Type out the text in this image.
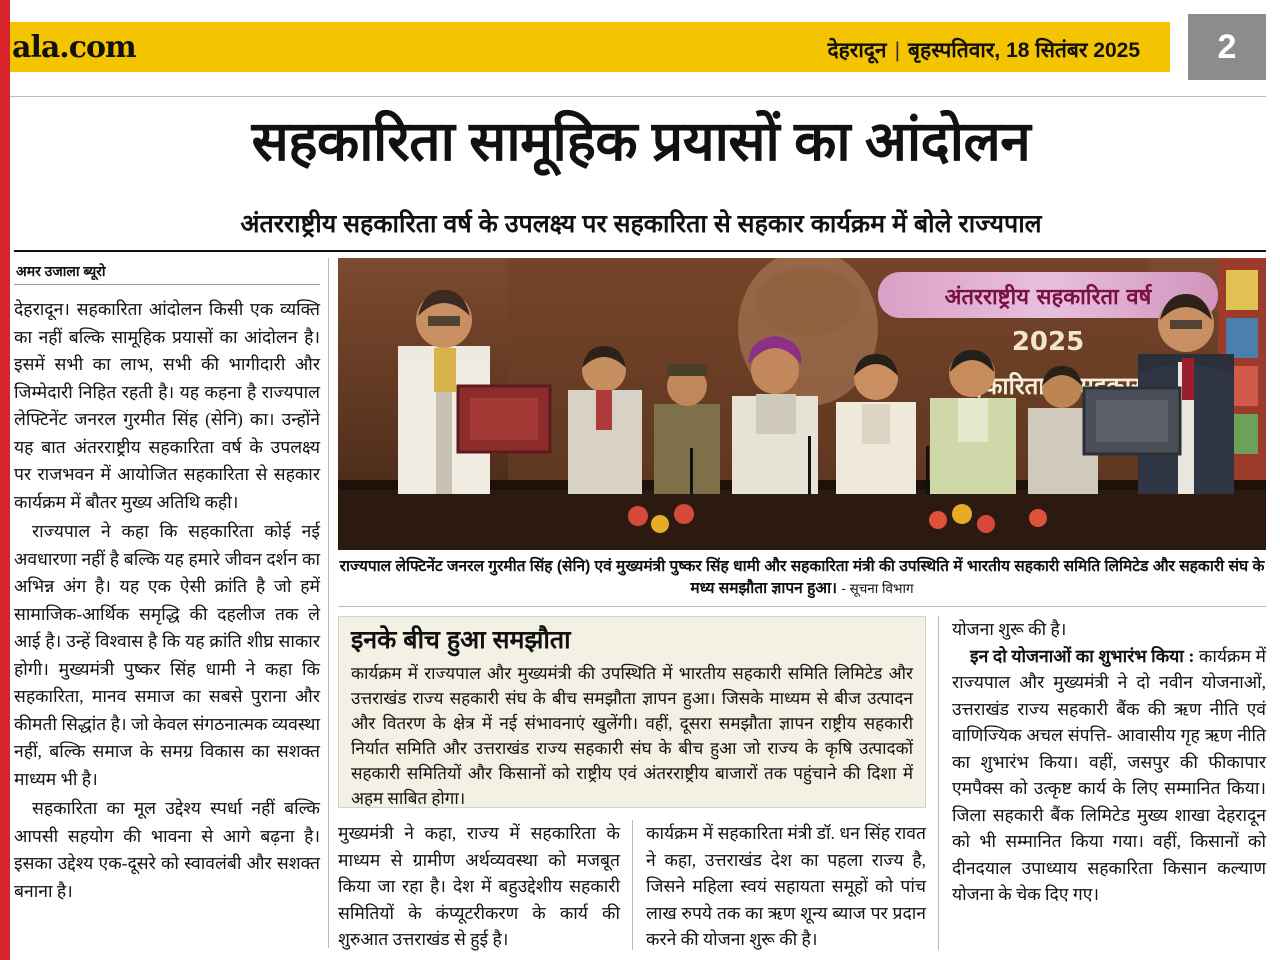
ala.com	देहरादून | बृहस्पतिवार, 18 सितंबर 2025	2
सहकारिता सामूहिक प्रयासों का आंदोलन
अंतरराष्ट्रीय सहकारिता वर्ष के उपलक्ष्य पर सहकारिता से सहकार कार्यक्रम में बोले राज्यपाल
अमर उजाला ब्यूरो

देहरादून। सहकारिता आंदोलन किसी एक व्यक्ति का नहीं बल्कि सामूहिक प्रयासों का आंदोलन है। इसमें सभी का लाभ, सभी की भागीदारी और जिम्मेदारी निहित रहती है। यह कहना है राज्यपाल लेफ्टिनेंट जनरल गुरमीत सिंह (सेनि) का। उन्होंने यह बात अंतरराष्ट्रीय सहकारिता वर्ष के उपलक्ष्य पर राजभवन में आयोजित सहकारिता से सहकार कार्यक्रम में बौतर मुख्य अतिथि कही।

राज्यपाल ने कहा कि सहकारिता कोई नई अवधारणा नहीं है बल्कि यह हमारे जीवन दर्शन का अभिन्न अंग है। यह एक ऐसी क्रांति है जो हमें सामाजिक-आर्थिक समृद्धि की दहलीज तक ले आई है। उन्हें विश्वास है कि यह क्रांति शीघ्र साकार होगी। मुख्यमंत्री पुष्कर सिंह धामी ने कहा कि सहकारिता, मानव समाज का सबसे पुराना और कीमती सिद्धांत है। जो केवल संगठनात्मक व्यवस्था नहीं, बल्कि समाज के समग्र विकास का सशक्त माध्यम भी है।

सहकारिता का मूल उद्देश्य स्पर्धा नहीं बल्कि आपसी सहयोग की भावना से आगे बढ़ना है। इसका उद्देश्य एक-दूसरे को स्वावलंबी और सशक्त बनाना है।

अंतरराष्ट्रीय सहकारिता वर्ष
2025
सहकारिता सहकार
राज्यपाल लेफ्टिनेंट जनरल गुरमीत सिंह (सेनि) एवं मुख्यमंत्री पुष्कर सिंह धामी और सहकारिता मंत्री की उपस्थिति में भारतीय सहकारी समिति लिमिटेड और सहकारी संघ के मध्य समझौता ज्ञापन हुआ। - सूचना विभाग
इनके बीच हुआ समझौता

कार्यक्रम में राज्यपाल और मुख्यमंत्री की उपस्थिति में भारतीय सहकारी समिति लिमिटेड और उत्तराखंड राज्य सहकारी संघ के बीच समझौता ज्ञापन हुआ। जिसके माध्यम से बीज उत्पादन और वितरण के क्षेत्र में नई संभावनाएं खुलेंगी। वहीं, दूसरा समझौता ज्ञापन राष्ट्रीय सहकारी निर्यात समिति और उत्तराखंड राज्य सहकारी संघ के बीच हुआ जो राज्य के कृषि उत्पादकों सहकारी समितियों और किसानों को राष्ट्रीय एवं अंतरराष्ट्रीय बाजारों तक पहुंचाने की दिशा में अहम साबित होगा।

मुख्यमंत्री ने कहा, राज्य में सहकारिता के माध्यम से ग्रामीण अर्थव्यवस्था को मजबूत किया जा रहा है। देश में बहुउद्देशीय सहकारी समितियों के कंप्यूटरीकरण के कार्य की शुरुआत उत्तराखंड से हुई है।

कार्यक्रम में सहकारिता मंत्री डॉ. धन सिंह रावत ने कहा, उत्तराखंड देश का पहला राज्य है, जिसने महिला स्वयं सहायता समूहों को पांच लाख रुपये तक का ऋण शून्य ब्याज पर प्रदान करने की योजना शुरू की है।

योजना शुरू की है।

इन दो योजनाओं का शुभारंभ किया : कार्यक्रम में राज्यपाल और मुख्यमंत्री ने दो नवीन योजनाओं, उत्तराखंड राज्य सहकारी बैंक की ऋण नीति एवं वाणिज्यिक अचल संपत्ति- आवासीय गृह ऋण नीति का शुभारंभ किया। वहीं, जसपुर की फीकापार एमपैक्स को उत्कृष्ट कार्य के लिए सम्मानित किया। जिला सहकारी बैंक लिमिटेड मुख्य शाखा देहरादून को भी सम्मानित किया गया। वहीं, किसानों को दीनदयाल उपाध्याय सहकारिता किसान कल्याण योजना के चेक दिए गए।
